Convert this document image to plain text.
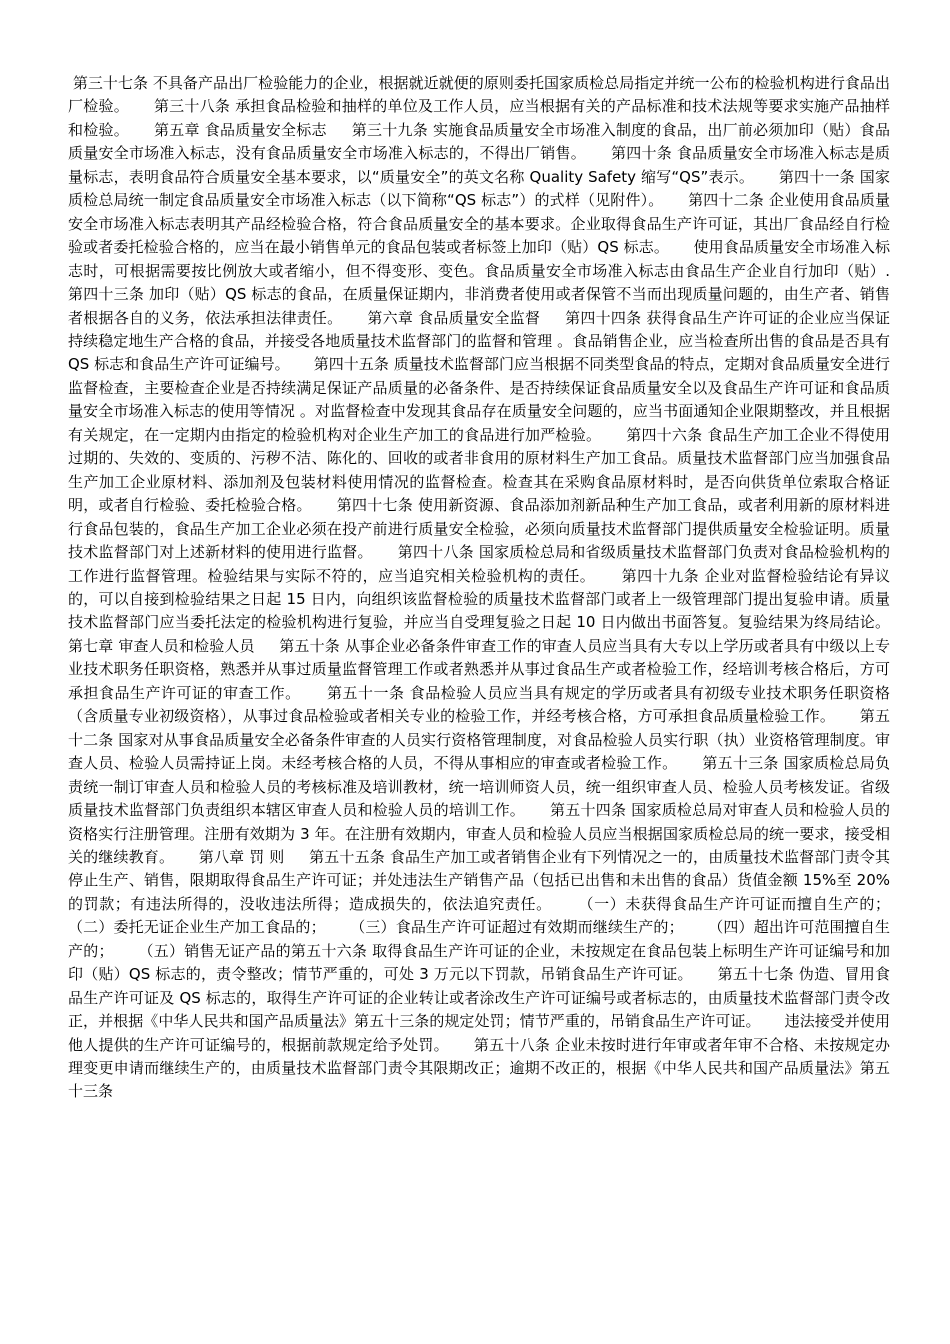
第三十七条 不具备产品出厂检验能力的企业，根据就近就便的原则委托国家质检总局指定并统一公布的检验机构进行食品出厂检验。     第三十八条 承担食品检验和抽样的单位及工作人员，应当根据有关的产品标准和技术法规等要求实施产品抽样和检验。     第五章 食品质量安全标志     第三十九条 实施食品质量安全市场准入制度的食品，出厂前必须加印（贴）食品质量安全市场准入标志，没有食品质量安全市场准入标志的，不得出厂销售。     第四十条 食品质量安全市场准入标志是质量标志，表明食品符合质量安全基本要求，以“质量安全”的英文名称 Quality Safety 缩写“QS”表示。     第四十一条 国家质检总局统一制定食品质量安全市场准入标志（以下简称“QS 标志”）的式样（见附件）。     第四十二条 企业使用食品质量安全市场准入标志表明其产品经检验合格，符合食品质量安全的基本要求。企业取得食品生产许可证，其出厂食品经自行检验或者委托检验合格的，应当在最小销售单元的食品包装或者标签上加印（贴）QS 标志。     使用食品质量安全市场准入标志时，可根据需要按比例放大或者缩小，但不得变形、变色。食品质量安全市场准入标志由食品生产企业自行加印（贴）.     第四十三条 加印（贴）QS 标志的食品，在质量保证期内，非消费者使用或者保管不当而出现质量问题的，由生产者、销售者根据各自的义务，依法承担法律责任。     第六章 食品质量安全监督     第四十四条 获得食品生产许可证的企业应当保证持续稳定地生产合格的食品，并接受各地质量技术监督部门的监督和管理 。食品销售企业，应当检查所出售的食品是否具有 QS 标志和食品生产许可证编号。     第四十五条 质量技术监督部门应当根据不同类型食品的特点，定期对食品质量安全进行监督检查，主要检查企业是否持续满足保证产品质量的必备条件、是否持续保证食品质量安全以及食品生产许可证和食品质量安全市场准入标志的使用等情况 。对监督检查中发现其食品存在质量安全问题的，应当书面通知企业限期整改，并且根据有关规定，在一定期内由指定的检验机构对企业生产加工的食品进行加严检验。     第四十六条 食品生产加工企业不得使用过期的、失效的、变质的、污秽不洁、陈化的、回收的或者非食用的原材料生产加工食品。质量技术监督部门应当加强食品生产加工企业原材料、添加剂及包装材料使用情况的监督检查。检查其在采购食品原材料时，是否向供货单位索取合格证明，或者自行检验、委托检验合格。     第四十七条 使用新资源、食品添加剂新品种生产加工食品，或者利用新的原材料进行食品包装的，食品生产加工企业必须在投产前进行质量安全检验，必须向质量技术监督部门提供质量安全检验证明。质量技术监督部门对上述新材料的使用进行监督。     第四十八条 国家质检总局和省级质量技术监督部门负责对食品检验机构的工作进行监督管理。检验结果与实际不符的，应当追究相关检验机构的责任。     第四十九条 企业对监督检验结论有异议的，可以自接到检验结果之日起 15 日内，向组织该监督检验的质量技术监督部门或者上一级管理部门提出复验申请。质量技术监督部门应当委托法定的检验机构进行复验，并应当自受理复验之日起 10 日内做出书面答复。复验结果为终局结论。     第七章 审查人员和检验人员     第五十条 从事企业必备条件审查工作的审查人员应当具有大专以上学历或者具有中级以上专业技术职务任职资格，熟悉并从事过质量监督管理工作或者熟悉并从事过食品生产或者检验工作，经培训考核合格后，方可承担食品生产许可证的审查工作。     第五十一条 食品检验人员应当具有规定的学历或者具有初级专业技术职务任职资格（含质量专业初级资格），从事过食品检验或者相关专业的检验工作，并经考核合格，方可承担食品质量检验工作。     第五十二条 国家对从事食品质量安全必备条件审查的人员实行资格管理制度，对食品检验人员实行职（执）业资格管理制度。审查人员、检验人员需持证上岗。未经考核合格的人员，不得从事相应的审查或者检验工作。     第五十三条 国家质检总局负责统一制订审查人员和检验人员的考核标准及培训教材，统一培训师资人员，统一组织审查人员、检验人员考核发证。省级质量技术监督部门负责组织本辖区审查人员和检验人员的培训工作。     第五十四条 国家质检总局对审查人员和检验人员的资格实行注册管理。注册有效期为 3 年。在注册有效期内，审查人员和检验人员应当根据国家质检总局的统一要求，接受相关的继续教育。     第八章 罚 则     第五十五条 食品生产加工或者销售企业有下列情况之一的，由质量技术监督部门责令其停止生产、销售，限期取得食品生产许可证；并处违法生产销售产品（包括已出售和未出售的食品）货值金额 15%至 20%的罚款；有违法所得的，没收违法所得；造成损失的，依法追究责任。     （一）未获得食品生产许可证而擅自生产的；     （二）委托无证企业生产加工食品的；     （三）食品生产许可证超过有效期而继续生产的；     （四）超出许可范围擅自生产的；     （五）销售无证产品的第五十六条 取得食品生产许可证的企业，未按规定在食品包装上标明生产许可证编号和加印（贴）QS 标志的，责令整改；情节严重的，可处 3 万元以下罚款，吊销食品生产许可证。     第五十七条 伪造、冒用食品生产许可证及 QS 标志的，取得生产许可证的企业转让或者涂改生产许可证编号或者标志的，由质量技术监督部门责令改正，并根据《中华人民共和国产品质量法》第五十三条的规定处罚；情节严重的，吊销食品生产许可证。     违法接受并使用他人提供的生产许可证编号的，根据前款规定给予处罚。     第五十八条 企业未按时进行年审或者年审不合格、未按规定办理变更申请而继续生产的，由质量技术监督部门责令其限期改正；逾期不改正的，根据《中华人民共和国产品质量法》第五十三条
